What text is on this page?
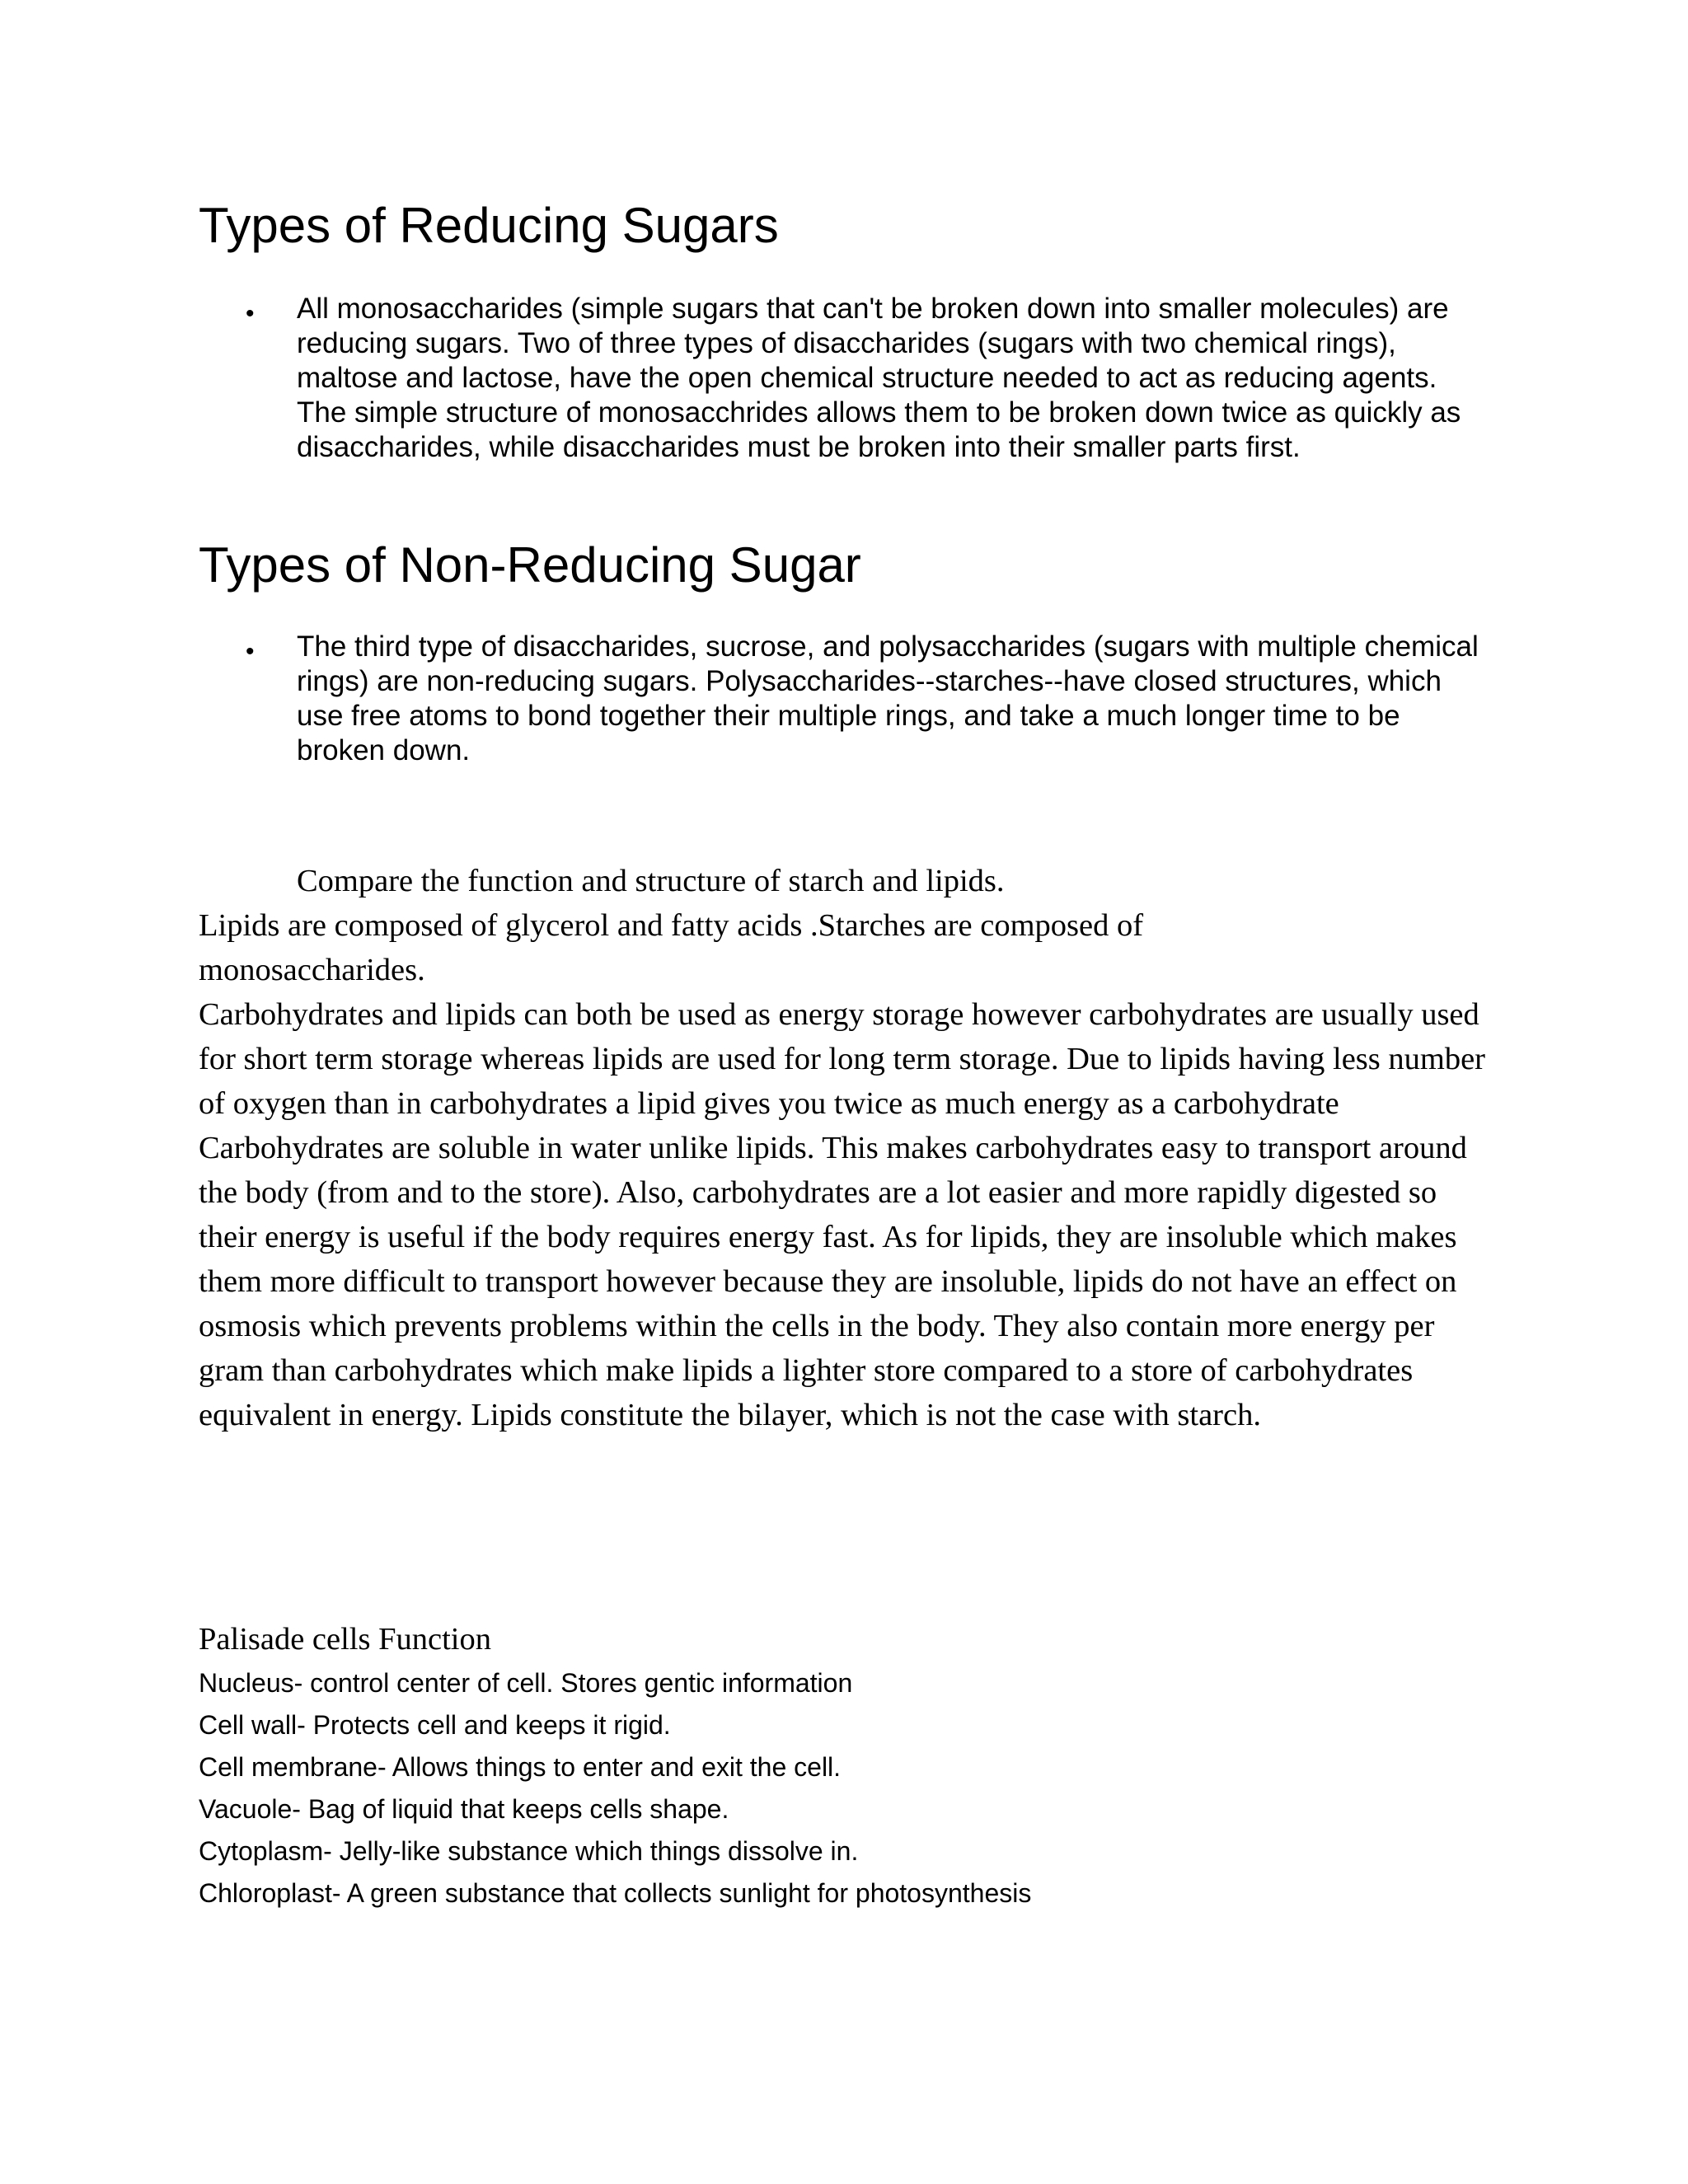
Types of Reducing Sugars
• All monosaccharides (simple sugars that can't be broken down into smaller molecules) are reducing sugars. Two of three types of disaccharides (sugars with two chemical rings), maltose and lactose, have the open chemical structure needed to act as reducing agents. The simple structure of monosacchrides allows them to be broken down twice as quickly as disaccharides, while disaccharides must be broken into their smaller parts first.

Types of Non-Reducing Sugar
• The third type of disaccharides, sucrose, and polysaccharides (sugars with multiple chemical rings) are non-reducing sugars. Polysaccharides--starches--have closed structures, which use free atoms to bond together their multiple rings, and take a much longer time to be broken down.

Compare the function and structure of starch and lipids.

Lipids are composed of glycerol and fatty acids .Starches are composed of monosaccharides.

Carbohydrates and lipids can both be used as energy storage however carbohydrates are usually used for short term storage whereas lipids are used for long term storage. Due to lipids having less number of oxygen than in carbohydrates a lipid gives you twice as much energy as a carbohydrate Carbohydrates are soluble in water unlike lipids. This makes carbohydrates easy to transport around the body (from and to the store). Also, carbohydrates are a lot easier and more rapidly digested so their energy is useful if the body requires energy fast. As for lipids, they are insoluble which makes them more difficult to transport however because they are insoluble, lipids do not have an effect on osmosis which prevents problems within the cells in the body. They also contain more energy per gram than carbohydrates which make lipids a lighter store compared to a store of carbohydrates equivalent in energy. Lipids constitute the bilayer, which is not the case with starch.

Palisade cells Function

Nucleus- control center of cell. Stores gentic information
Cell wall- Protects cell and keeps it rigid.
Cell membrane- Allows things to enter and exit the cell.
Vacuole- Bag of liquid that keeps cells shape.
Cytoplasm- Jelly-like substance which things dissolve in.
Chloroplast- A green substance that collects sunlight for photosynthesis
